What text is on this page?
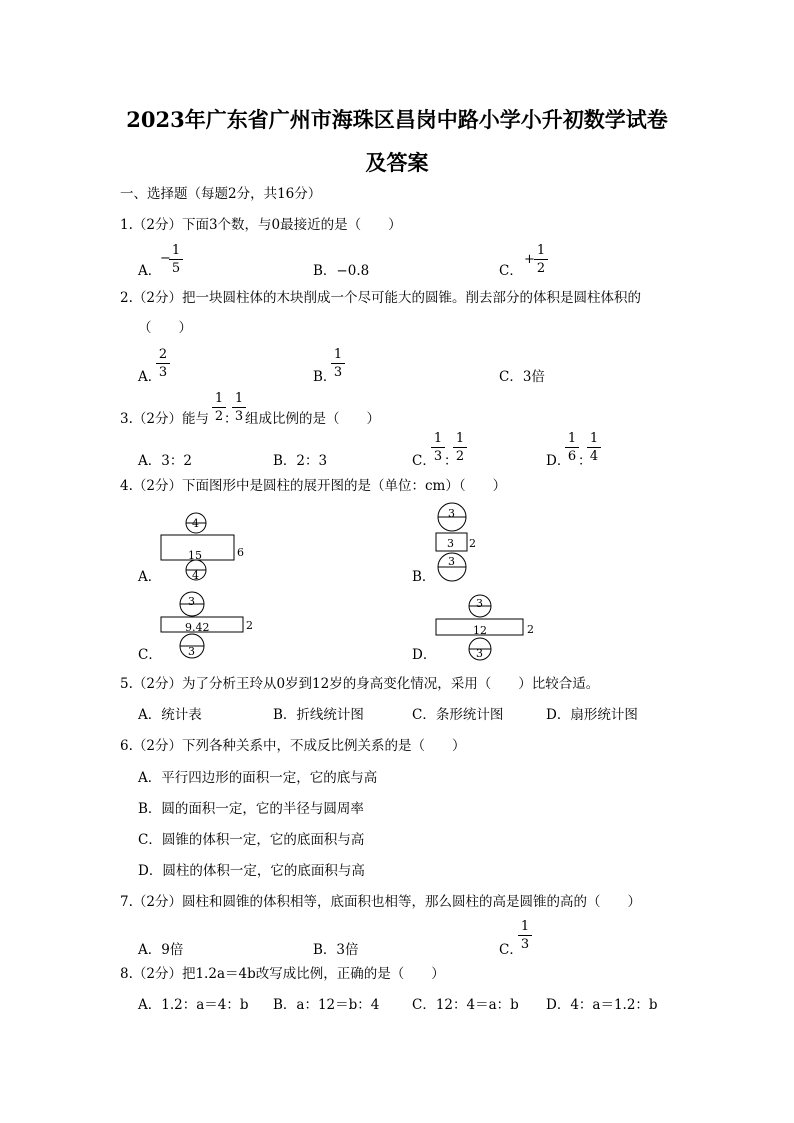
2023年广东省广州市海珠区昌岗中路小学小升初数学试卷
及答案
一、选择题（每题2分，共16分）
1.（2分）下面3个数，与0最接近的是（　　）
A．
−
1
5	B．−0.8	C．
+
1
2
2.（2分）把一块圆柱体的木块削成一个尽可能大的圆锥。削去部分的体积是圆柱体积的
（　　）
A．
2
3	B．
1
3	C．3倍
3.（2分）能与
1
2 ：
1
3 组成比例的是（　　）
A．3：2	B．2：3	C．
1
3 ：
1
2	D．
1
6 ：
1
4
4.（2分）下面图形中是圆柱的展开图的是（单位：cm）（　　）
A．
4
15	6
4	B．
3
3 2
3
C．
3
9.42	2
3	D．
3
12	2
3
5.（2分）为了分析王玲从0岁到12岁的身高变化情况，采用（　　）比较合适。
A．统计表	B．折线统计图	C．条形统计图	D．扇形统计图
6.（2分）下列各种关系中，不成反比例关系的是（　　）
A．平行四边形的面积一定，它的底与高
B．圆的面积一定，它的半径与圆周率
C．圆锥的体积一定，它的底面积与高
D．圆柱的体积一定，它的底面积与高
7.（2分）圆柱和圆锥的体积相等，底面积也相等，那么圆柱的高是圆锥的高的（　　）
A．9倍	B．3倍	C．
1
3
8.（2分）把1.2a＝4b改写成比例，正确的是（　　）
A．1.2：a＝4：b B．a：12＝b：4 C．12：4＝a：b D．4：a＝1.2：b
